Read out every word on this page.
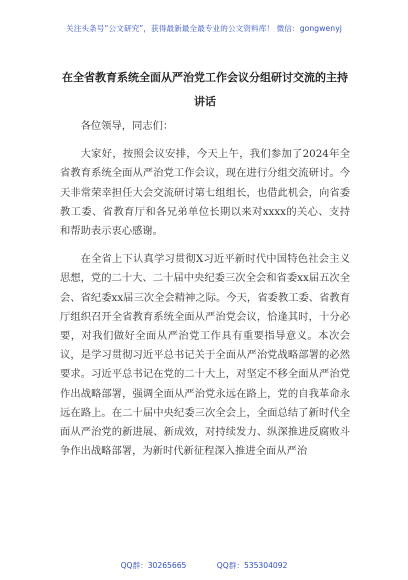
关注头条号“公文研究”，获得最新最全最专业的公文资料库！ 微信：gongwenyj
在全省教育系统全面从严治党工作会议分组研讨交流的主持讲话

各位领导，同志们：

大家好，按照会议安排，今天上午，我们参加了2024年全省教育系统全面从严治党工作会议，现在进行分组交流研讨。今天非常荣幸担任大会交流研讨第七组组长，也借此机会，向省委教工委、省教育厅和各兄弟单位长期以来对xxxx的关心、支持和帮助表示衷心感谢。

在全省上下认真学习贯彻X习近平新时代中国特色社会主义思想，党的二十大、二十届中央纪委三次全会和省委xx届五次全会、省纪委xx届三次全会精神之际。今天，省委教工委、省教育厅组织召开全省教育系统全面从严治党会议，恰逢其时，十分必要，对我们做好全面从严治党工作具有重要指导意义。本次会议，是学习贯彻习近平总书记关于全面从严治党战略部署的必然要求。习近平总书记在党的二十大上，对坚定不移全面从严治党作出战略部署，强调全面从严治党永远在路上，党的自我革命永远在路上。在二十届中央纪委三次全会上，全面总结了新时代全面从严治党的新进展、新成效，对持续发力、纵深推进反腐败斗争作出战略部署，为新时代新征程深入推进全面从严治

QQ群：30265665	QQ群：535304092
